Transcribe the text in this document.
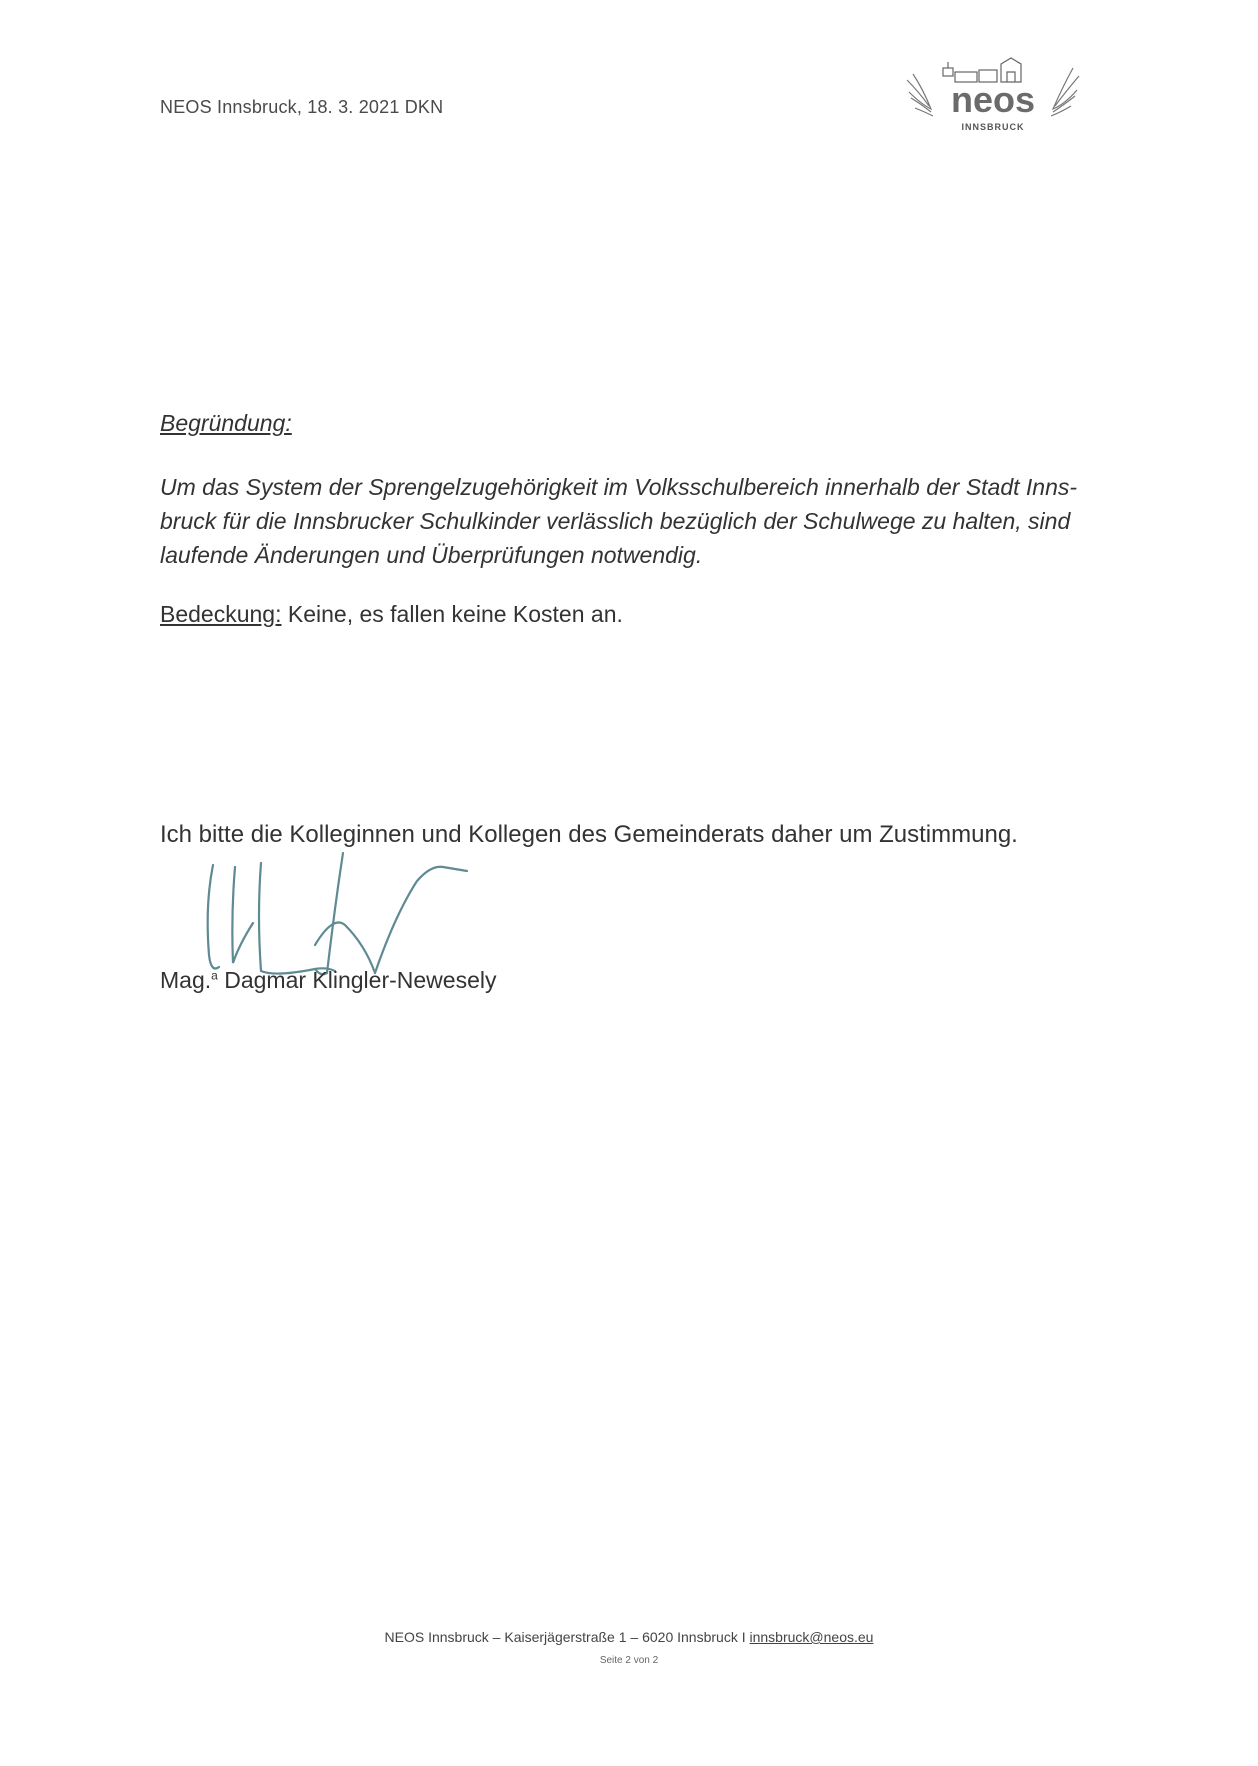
NEOS Innsbruck, 18. 3. 2021 DKN	neos
INNSBRUCK
Begründung:
Um das System der Sprengelzugehörigkeit im Volksschulbereich innerhalb der Stadt Inns-bruck für die Innsbrucker Schulkinder verlässlich bezüglich der Schulwege zu halten, sind laufende Änderungen und Überprüfungen notwendig.
Bedeckung: Keine, es fallen keine Kosten an.
Ich bitte die Kolleginnen und Kollegen des Gemeinderats daher um Zustimmung.
Mag.$^a$ Dagmar Klingler-Newesely
NEOS Innsbruck – Kaiserjägerstraße 1 – 6020 Innsbruck I innsbruck@neos.eu
Seite 2 von 2
